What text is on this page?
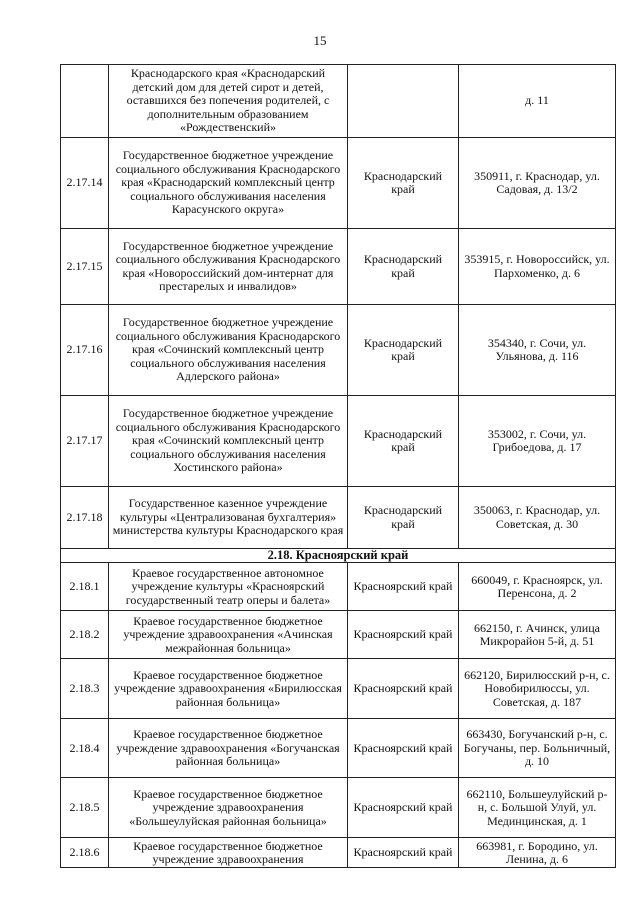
15
	Краснодарского края «Краснодарский детский дом для детей сирот и детей, оставшихся без попечения родителей, с дополнительным образованием «Рождественский»		д. 11
2.17.14	Государственное бюджетное учреждение социального обслуживания Краснодарского края «Краснодарский комплексный центр социального обслуживания населения Карасунского округа»	Краснодарский край	350911, г. Краснодар, ул. Садовая, д. 13/2
2.17.15	Государственное бюджетное учреждение социального обслуживания Краснодарского края «Новороссийский дом-интернат для престарелых и инвалидов»	Краснодарский край	353915, г. Новороссийск, ул. Пархоменко, д. 6
2.17.16	Государственное бюджетное учреждение социального обслуживания Краснодарского края «Сочинский комплексный центр социального обслуживания населения Адлерского района»	Краснодарский край	354340, г. Сочи, ул. Ульянова, д. 116
2.17.17	Государственное бюджетное учреждение социального обслуживания Краснодарского края «Сочинский комплексный центр социального обслуживания населения Хостинского района»	Краснодарский край	353002, г. Сочи, ул. Грибоедова, д. 17
2.17.18	Государственное казенное учреждение культуры «Централизованая бухгалтерия» министерства культуры Краснодарского края	Краснодарский край	350063, г. Краснодар, ул. Советская, д. 30
2.18. Красноярский край			
2.18.1	Краевое государственное автономное учреждение культуры «Красноярский государственный театр оперы и балета»	Красноярский край	660049, г. Красноярск, ул. Перенсона, д. 2
2.18.2	Краевое государственное бюджетное учреждение здравоохранения «Ачинская межрайонная больница»	Красноярский край	662150, г. Ачинск, улица Микрорайон 5-й, д. 51
2.18.3	Краевое государственное бюджетное учреждение здравоохранения «Бирилюсская районная больница»	Красноярский край	662120, Бирилюсский р-н, с. Новобирилюссы, ул. Советская, д. 187
2.18.4	Краевое государственное бюджетное учреждение здравоохранения «Богучанская районная больница»	Красноярский край	663430, Богучанский р-н, с. Богучаны, пер. Больничный, д. 10
2.18.5	Краевое государственное бюджетное учреждение здравоохранения «Большеулуйская районная больница»	Красноярский край	662110, Большеулуйский р-н, с. Большой Улуй, ул. Мединцинская, д. 1
2.18.6	Краевое государственное бюджетное учреждение здравоохранения	Красноярский край	663981, г. Бородино, ул. Ленина, д. 6
